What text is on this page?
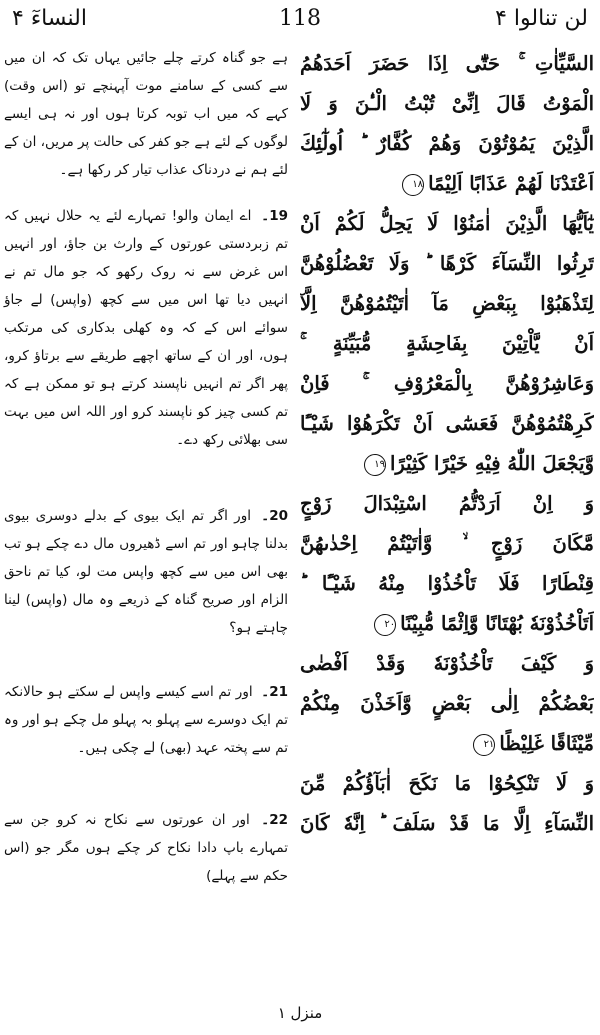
النساءٓ ۴	118	لن تنالوا ۴

ہے جو گناہ کرتے چلے جائیں یہاں تک کہ ان میں سے کسی کے سامنے موت آپہنچے تو (اس وقت) کہے کہ میں اب توبہ کرتا ہوں اور نہ ہی ایسے لوگوں کے لئے ہے جو کفر کی حالت پر مریں، ان کے لئے ہم نے دردناک عذاب تیار کر رکھا ہے۔

19۔ اے ایمان والو! تمہارے لئے یہ حلال نہیں کہ تم زبردستی عورتوں کے وارث بن جاؤ، اور انہیں اس غرض سے نہ روک رکھو کہ جو مال تم نے انہیں دیا تھا اس میں سے کچھ (واپس) لے جاؤ سوائے اس کے کہ وہ کھلی بدکاری کی مرتکب ہوں، اور ان کے ساتھ اچھے طریقے سے برتاؤ کرو، پھر اگر تم انہیں ناپسند کرتے ہو تو ممکن ہے کہ تم کسی چیز کو ناپسند کرو اور اللہ اس میں بہت سی بھلائی رکھ دے۔

20۔ اور اگر تم ایک بیوی کے بدلے دوسری بیوی بدلنا چاہو اور تم اسے ڈھیروں مال دے چکے ہو تب بھی اس میں سے کچھ واپس مت لو، کیا تم ناحق الزام اور صریح گناہ کے ذریعے وہ مال (واپس) لینا چاہتے ہو؟

21۔ اور تم اسے کیسے واپس لے سکتے ہو حالانکہ تم ایک دوسرے سے پہلو بہ پہلو مل چکے ہو اور وہ تم سے پختہ عہد (بھی) لے چکی ہیں۔

22۔ اور ان عورتوں سے نکاح نہ کرو جن سے تمہارے باپ دادا نکاح کر چکے ہوں مگر جو (اس حکم سے پہلے)

السَّيِّاٰتِ ۚ حَتّٰٓى اِذَا حَضَرَ اَحَدَهُمُ
الْمَوْتُ قَالَ اِنِّىْ تُبْتُ الْـٰٔنَ وَ لَا
الَّذِيْنَ يَمُوْتُوْنَ وَهُمْ كُفَّارٌ ؕ اُولٰٓئِكَ
اَعْتَدْنَا لَهُمْ عَذَابًا اَلِيْمًا١٨
يٰٓاَيُّهَا الَّذِيْنَ اٰمَنُوْا لَا يَحِلُّ لَكُمْ اَنْ
تَرِثُوا النِّسَآءَ كَرْهًا ؕ وَلَا تَعْضُلُوْهُنَّ
لِتَذْهَبُوْا بِبَعْضِ مَآ اٰتَيْتُمُوْهُنَّ اِلَّآ
اَنْ يَّاْتِيْنَ بِفَاحِشَةٍ مُّبَيِّنَةٍ ۚ
وَعَاشِرُوْهُنَّ بِالْمَعْرُوْفِ ۚ فَاِنْ
كَرِهْتُمُوْهُنَّ فَعَسٰٓى اَنْ تَكْرَهُوْا شَيْـًٔا
وَّيَجْعَلَ اللّٰهُ فِيْهِ خَيْرًا كَثِيْرًا١٩
وَ اِنْ اَرَدْتُّمُ اسْتِبْدَالَ زَوْجٍ
مَّكَانَ زَوْجٍ ۙ وَّاٰتَيْتُمْ اِحْدٰىهُنَّ
قِنْطَارًا فَلَا تَاْخُذُوْا مِنْهُ شَيْـًٔا ؕ
اَتَاْخُذُوْنَهٗ بُهْتَانًا وَّاِثْمًا مُّبِيْنًا٢٠
وَ كَيْفَ تَاْخُذُوْنَهٗ وَقَدْ اَفْضٰى
بَعْضُكُمْ اِلٰى بَعْضٍ وَّاَخَذْنَ مِنْكُمْ
مِّيْثَاقًا غَلِيْظًا٢١
وَ لَا تَنْكِحُوْا مَا نَكَحَ اٰبَآؤُكُمْ مِّنَ
النِّسَآءِ اِلَّا مَا قَدْ سَلَفَ ؕ اِنَّهٗ كَانَ
منزل ١
